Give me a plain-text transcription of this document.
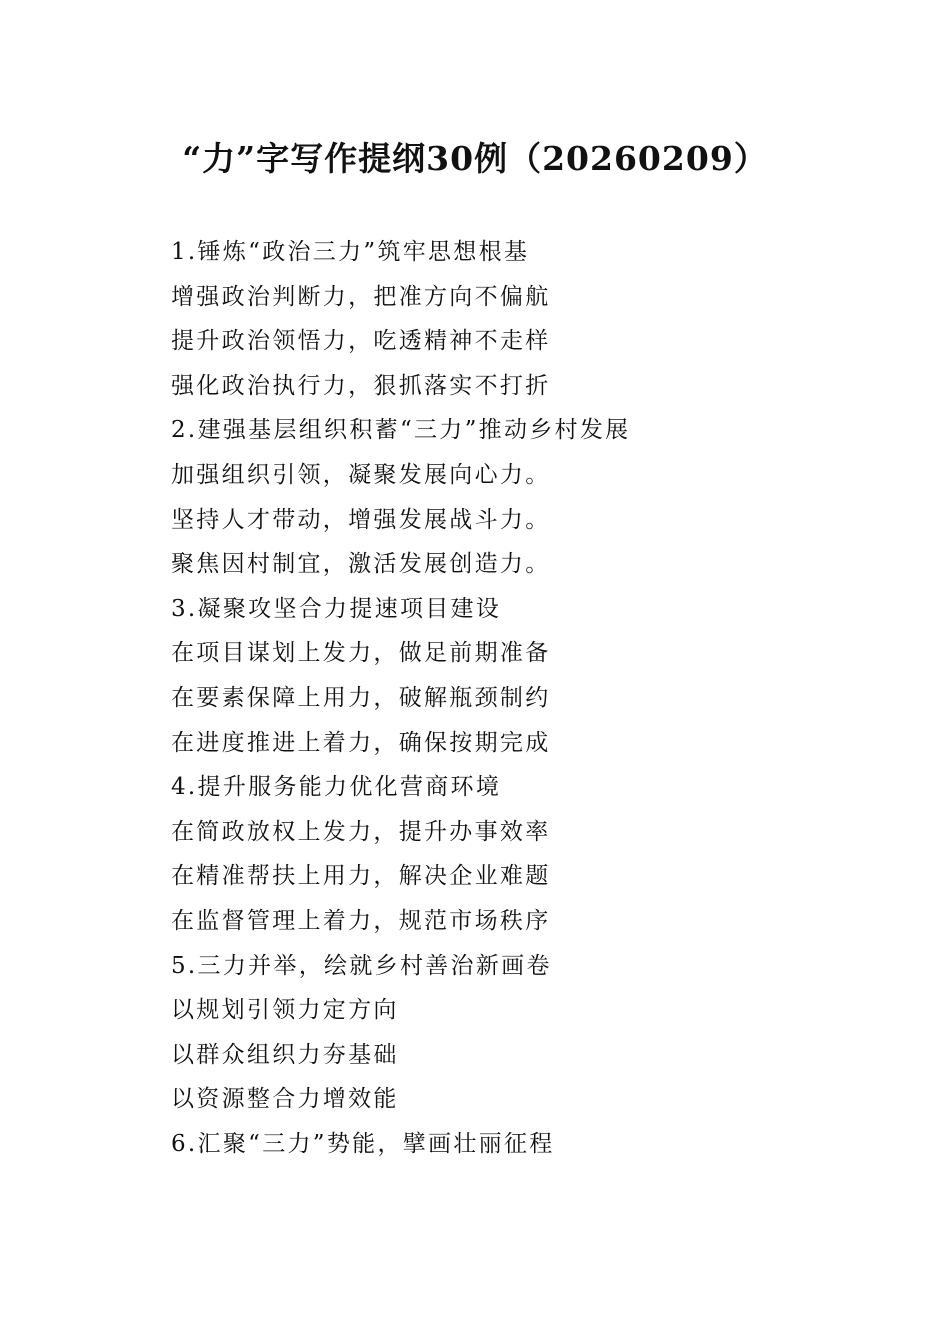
“力”字写作提纲30例（20260209）
1.锤炼“政治三力”筑牢思想根基
增强政治判断力，把准方向不偏航
提升政治领悟力，吃透精神不走样
强化政治执行力，狠抓落实不打折
2.建强基层组织积蓄“三力”推动乡村发展
加强组织引领，凝聚发展向心力。
坚持人才带动，增强发展战斗力。
聚焦因村制宜，激活发展创造力。
3.凝聚攻坚合力提速项目建设
在项目谋划上发力，做足前期准备
在要素保障上用力，破解瓶颈制约
在进度推进上着力，确保按期完成
4.提升服务能力优化营商环境
在简政放权上发力，提升办事效率
在精准帮扶上用力，解决企业难题
在监督管理上着力，规范市场秩序
5.三力并举，绘就乡村善治新画卷
以规划引领力定方向
以群众组织力夯基础
以资源整合力增效能
6.汇聚“三力”势能，擘画壮丽征程
